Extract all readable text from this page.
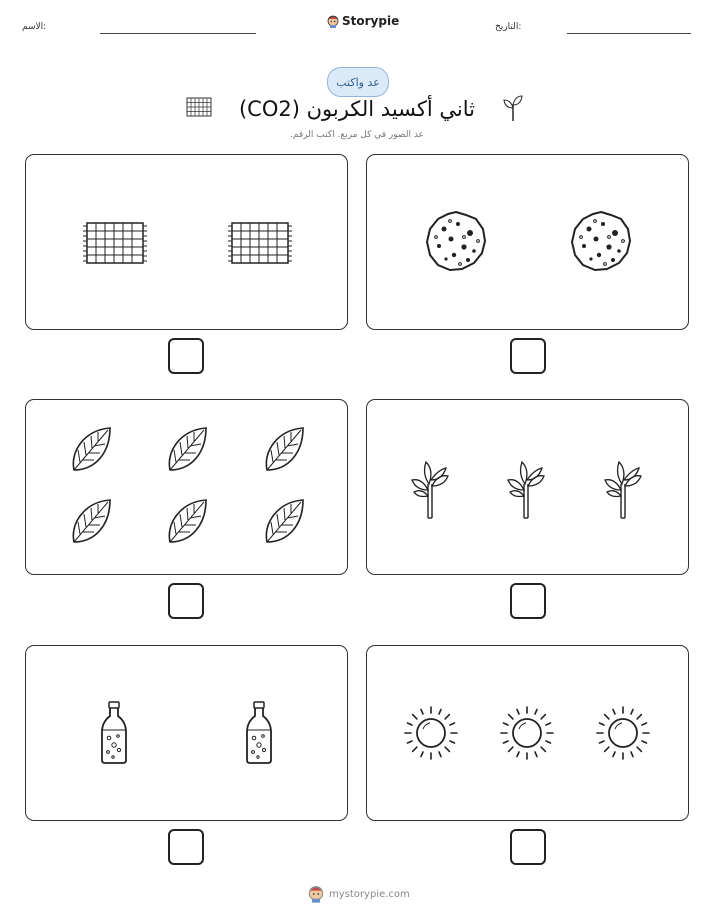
الاسم:	Storypie	التاريخ:
عد واكتب
ثاني أكسيد الكربون (CO2)
عد الصور في كل مربع. اكتب الرقم.
mystorypie.com
